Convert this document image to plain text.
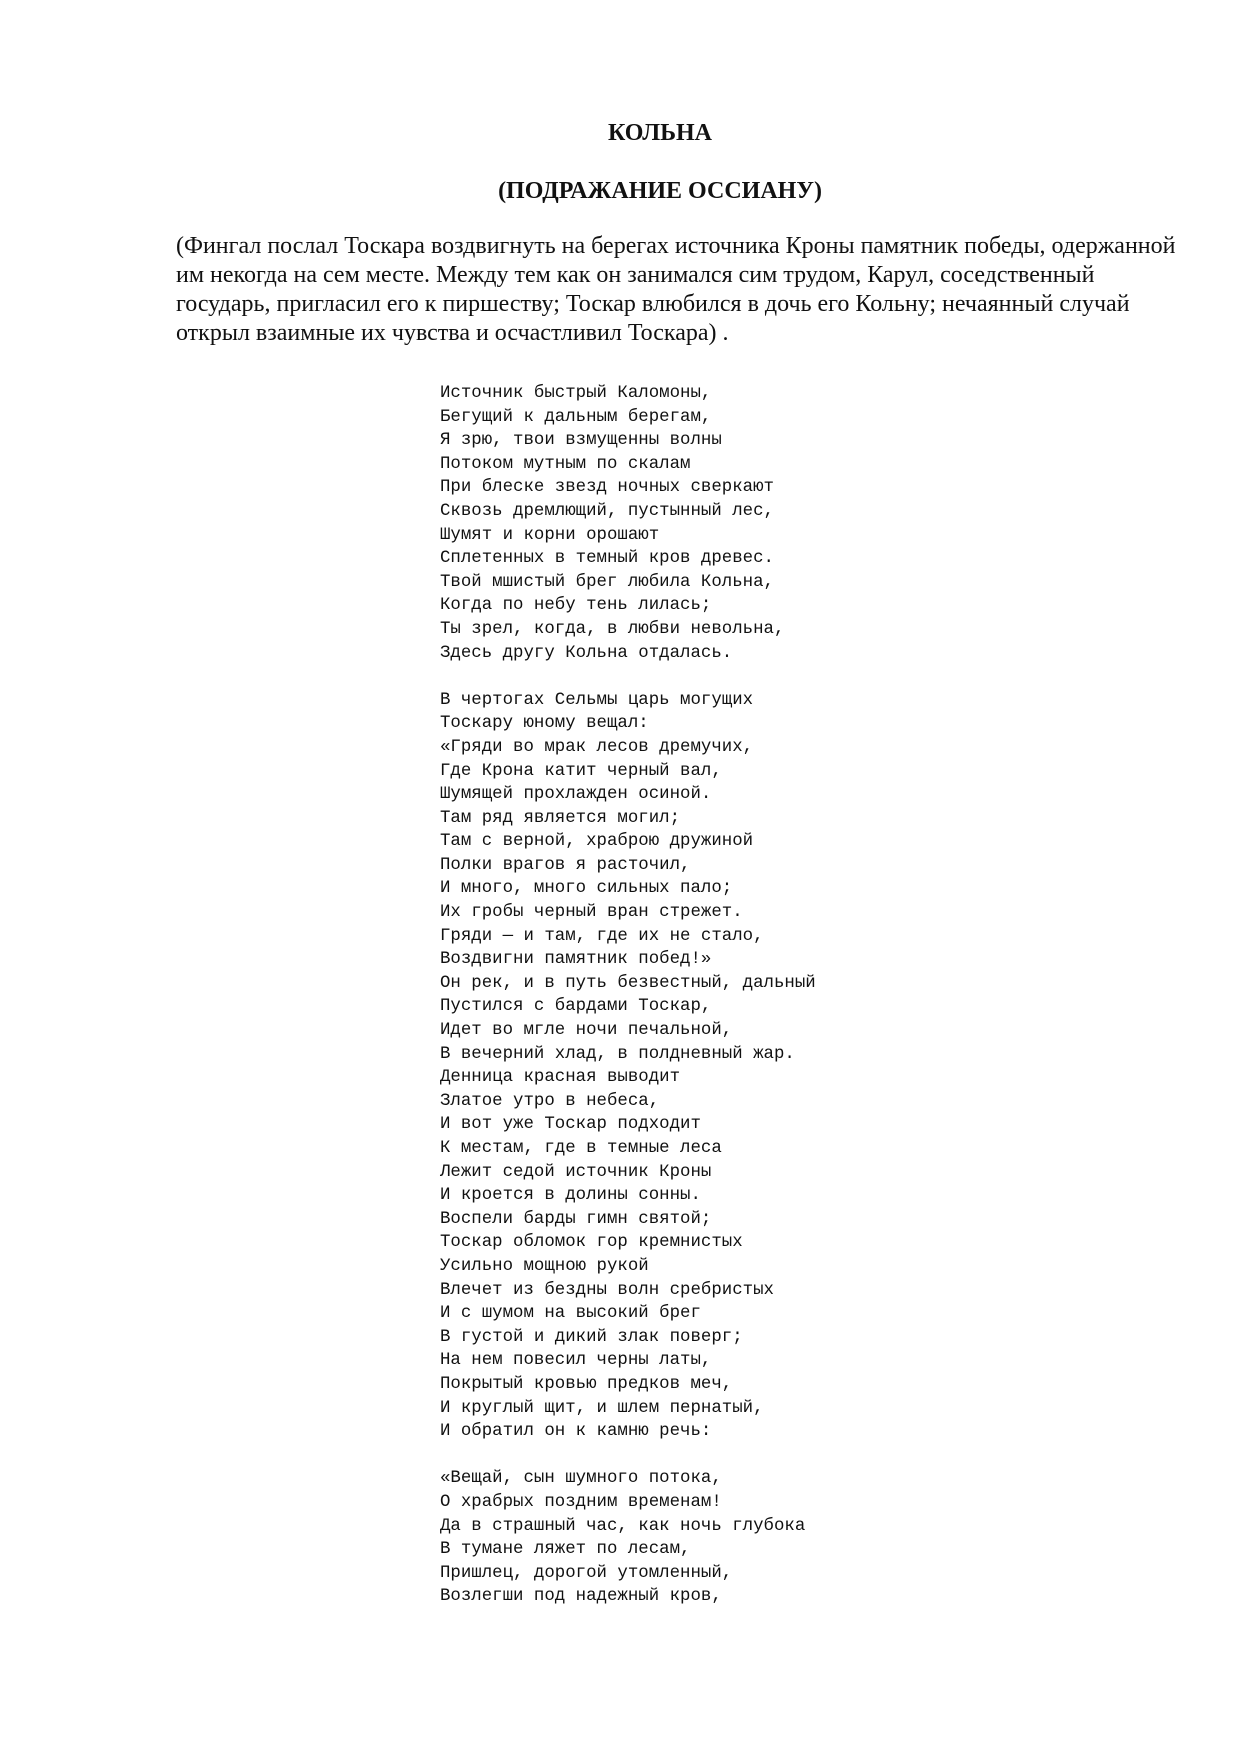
КОЛЬНА
(ПОДРАЖАНИЕ ОССИАНУ)

(Фингал послал Тоскара воздвигнуть на берегах источника Кроны памятник победы, одержанной им некогда на сем месте. Между тем как он занимался сим трудом, Карул, соседственный государь, пригласил его к пиршеству; Тоскар влюбился в дочь его Кольну; нечаянный случай открыл взаимные их чувства и осчастливил Тоскара) .

Источник быстрый Каломоны,
Бегущий к дальным берегам,
Я зрю, твои взмущенны волны
Потоком мутным по скалам
При блеске звезд ночных сверкают
Сквозь дремлющий, пустынный лес,
Шумят и корни орошают
Сплетенных в темный кров древес.
Твой мшистый брег любила Кольна,
Когда по небу тень лилась;
Ты зрел, когда, в любви невольна,
Здесь другу Кольна отдалась.
В чертогах Сельмы царь могущих
Тоскару юному вещал:
«Гряди во мрак лесов дремучих,
Где Крона катит черный вал,
Шумящей прохлажден осиной.
Там ряд является могил;
Там с верной, храброю дружиной
Полки врагов я расточил,
И много, много сильных пало;
Их гробы черный вран стрежет.
Гряди — и там, где их не стало,
Воздвигни памятник побед!»
Он рек, и в путь безвестный, дальный
Пустился с бардами Тоскар,
Идет во мгле ночи печальной,
В вечерний хлад, в полдневный жар.
Денница красная выводит
Златое утро в небеса,
И вот уже Тоскар подходит
К местам, где в темные леса
Лежит седой источник Кроны
И кроется в долины сонны.
Воспели барды гимн святой;
Тоскар обломок гор кремнистых
Усильно мощною рукой
Влечет из бездны волн сребристых
И с шумом на высокий брег
В густой и дикий злак поверг;
На нем повесил черны латы,
Покрытый кровью предков меч,
И круглый щит, и шлем пернатый,
И обратил он к камню речь:
«Вещай, сын шумного потока,
О храбрых поздним временам!
Да в страшный час, как ночь глубока
В тумане ляжет по лесам,
Пришлец, дорогой утомленный,
Возлегши под надежный кров,
